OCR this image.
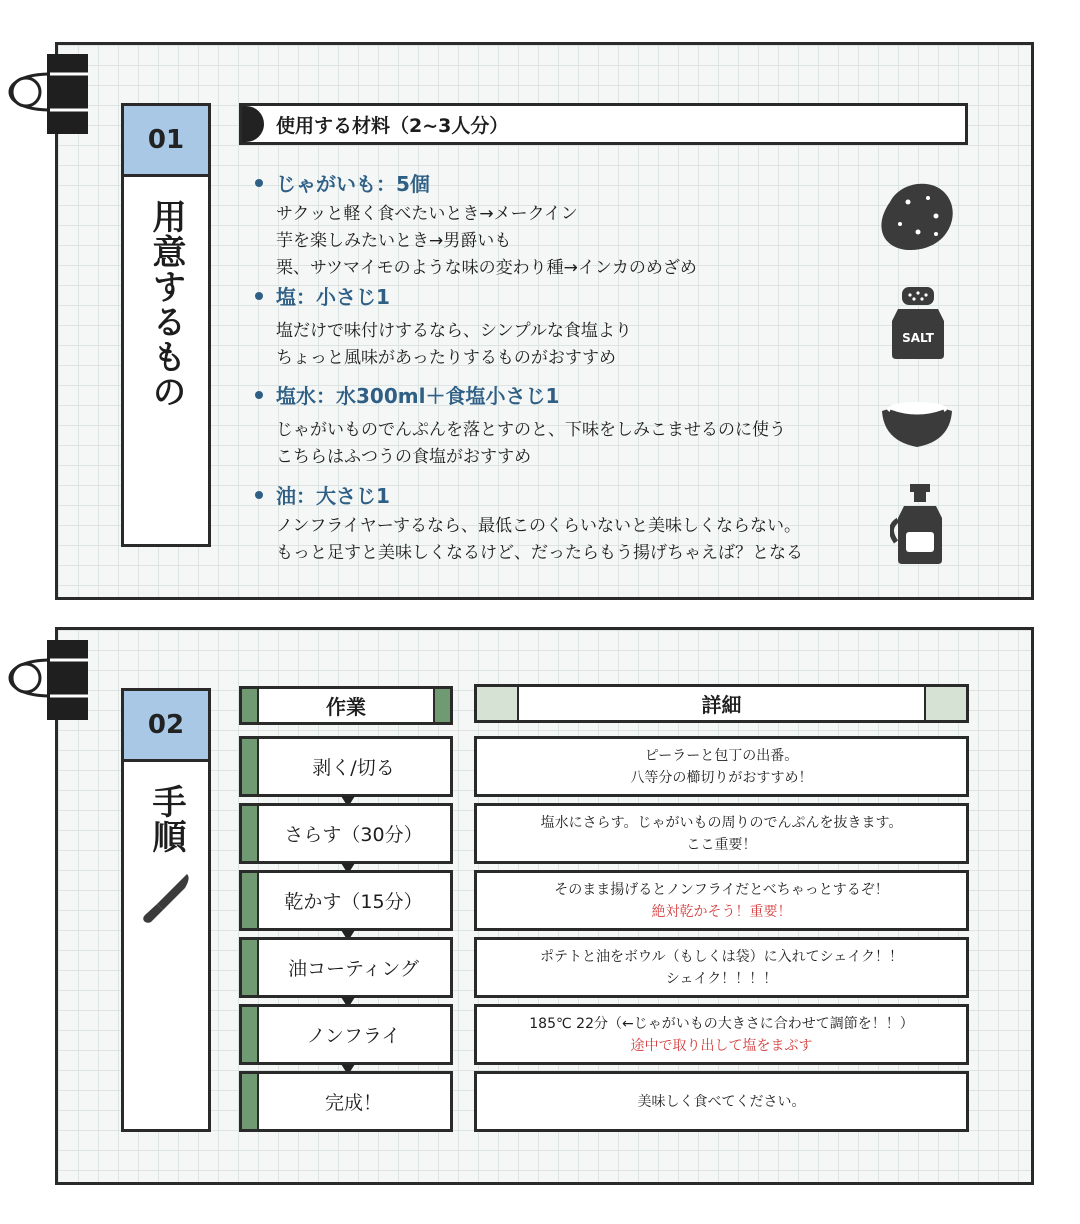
01
用意するもの
使用する材料（2~3人分）
じゃがいも：5個
サクッと軽く食べたいとき→メークイン
芋を楽しみたいとき→男爵いも
栗、サツマイモのような味の変わり種→インカのめざめ
塩：小さじ1
塩だけで味付けするなら、シンプルな食塩より
ちょっと風味があったりするものがおすすめ
塩水：水300ml＋食塩小さじ1
じゃがいものでんぷんを落とすのと、下味をしみこませるのに使う
こちらはふつうの食塩がおすすめ
油：大さじ1
ノンフライヤーするなら、最低このくらいないと美味しくならない。
もっと足すと美味しくなるけど、だったらもう揚げちゃえば？となる
SALT
02
手順
作業	詳細
剥く/切る
ピーラーと包丁の出番。
八等分の櫛切りがおすすめ！
さらす（30分）
塩水にさらす。じゃがいもの周りのでんぷんを抜きます。
ここ重要！
乾かす（15分）
そのまま揚げるとノンフライだとべちゃっとするぞ！
絶対乾かそう！重要！
油コーティング
ポテトと油をボウル（もしくは袋）に入れてシェイク！！
シェイク！！！！
ノンフライ
185℃ 22分（←じゃがいもの大きさに合わせて調節を！！）
途中で取り出して塩をまぶす
完成！	美味しく食べてください。
